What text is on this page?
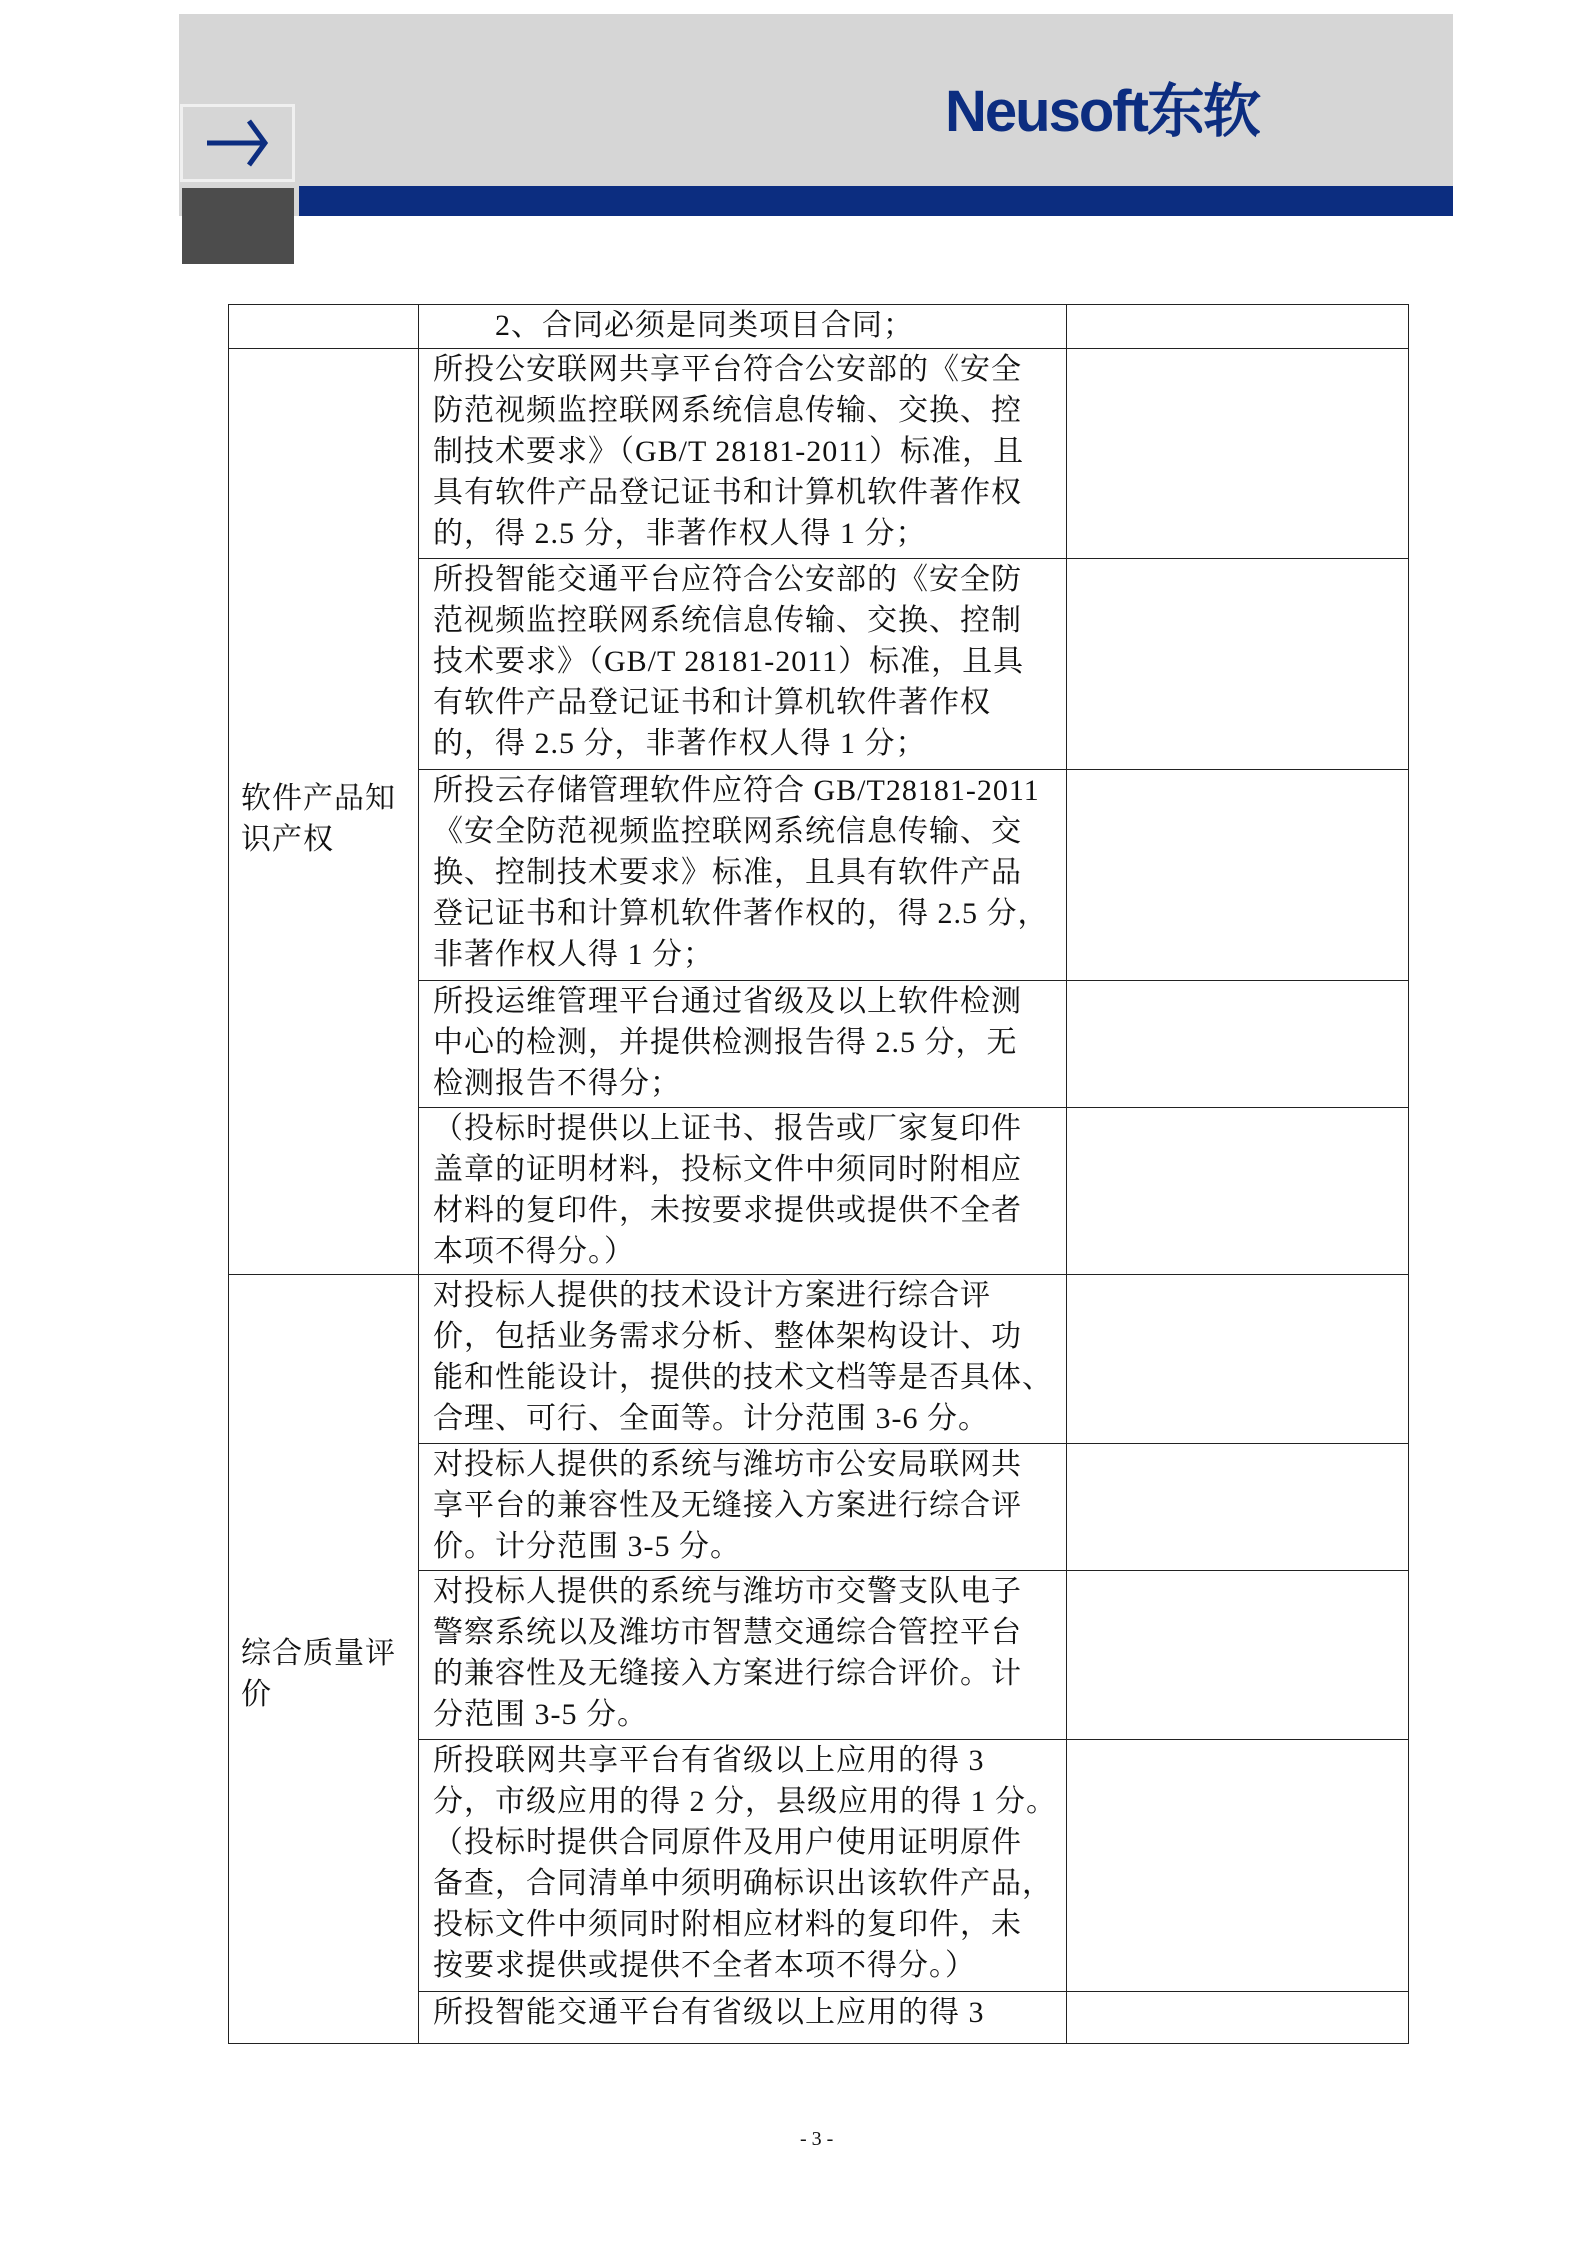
Neusoft东软
软件产品知
识产权
综合质量评
价
　　2、合同必须是同类项目合同；
所投公安联网共享平台符合公安部的《安全
防范视频监控联网系统信息传输、交换、控
制技术要求》（GB/T 28181-2011）标准，且
具有软件产品登记证书和计算机软件著作权
的，得 2.5 分，非著作权人得 1 分；
所投智能交通平台应符合公安部的《安全防
范视频监控联网系统信息传输、交换、控制
技术要求》（GB/T 28181-2011）标准，且具
有软件产品登记证书和计算机软件著作权
的，得 2.5 分，非著作权人得 1 分；
所投云存储管理软件应符合 GB/T28181-2011
《安全防范视频监控联网系统信息传输、交
换、控制技术要求》标准，且具有软件产品
登记证书和计算机软件著作权的，得 2.5 分，
非著作权人得 1 分；
所投运维管理平台通过省级及以上软件检测
中心的检测，并提供检测报告得 2.5 分，无
检测报告不得分；
（投标时提供以上证书、报告或厂家复印件
盖章的证明材料，投标文件中须同时附相应
材料的复印件，未按要求提供或提供不全者
本项不得分。）
对投标人提供的技术设计方案进行综合评
价，包括业务需求分析、整体架构设计、功
能和性能设计，提供的技术文档等是否具体、
合理、可行、全面等。计分范围 3-6 分。
对投标人提供的系统与潍坊市公安局联网共
享平台的兼容性及无缝接入方案进行综合评
价。计分范围 3-5 分。
对投标人提供的系统与潍坊市交警支队电子
警察系统以及潍坊市智慧交通综合管控平台
的兼容性及无缝接入方案进行综合评价。计
分范围 3-5 分。
所投联网共享平台有省级以上应用的得 3
分，市级应用的得 2 分，县级应用的得 1 分。
（投标时提供合同原件及用户使用证明原件
备查，合同清单中须明确标识出该软件产品，
投标文件中须同时附相应材料的复印件，未
按要求提供或提供不全者本项不得分。）
所投智能交通平台有省级以上应用的得 3
- 3 -
